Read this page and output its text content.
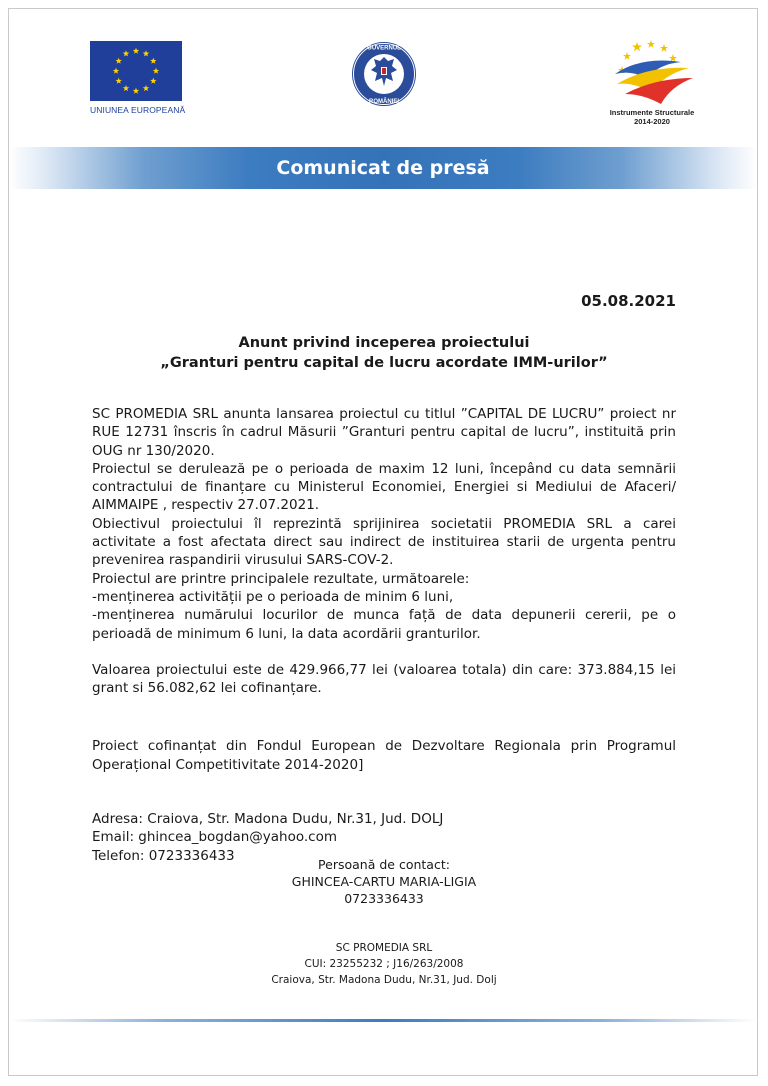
UNIUNEA EUROPEANĂ
GUVERNUL
ROMÂNIEI
Instrumente Structurale
2014-2020
Comunicat de presă
05.08.2021
Anunt privind inceperea proiectului
„Granturi pentru capital de lucru acordate IMM-urilor”

SC PROMEDIA SRL anunta lansarea proiectul cu titlul ”CAPITAL DE LUCRU” proiect nr RUE 12731 înscris în cadrul Măsurii ”Granturi pentru capital de lucru”, instituită prin OUG nr 130/2020.

Proiectul se derulează pe o perioada de maxim 12 luni, începând cu data semnării contractului de finanțare cu Ministerul Economiei, Energiei si Mediului de Afaceri/ AIMMAIPE , respectiv 27.07.2021.

Obiectivul proiectului îl reprezintă sprijinirea societatii PROMEDIA SRL a carei activitate a fost afectata direct sau indirect de instituirea starii de urgenta pentru prevenirea raspandirii virusului SARS-COV-2.

Proiectul are printre principalele rezultate, următoarele:

-menținerea activității pe o perioada de minim 6 luni,

-menținerea numărului locurilor de munca față de data depunerii cererii, pe o perioadă de minimum 6 luni, la data acordării granturilor.

Valoarea proiectului este de 429.966,77 lei (valoarea totala) din care: 373.884,15 lei grant si 56.082,62 lei cofinanțare.

Proiect cofinanțat din Fondul European de Dezvoltare Regionala prin Programul Operațional Competitivitate 2014-2020]

Adresa: Craiova, Str. Madona Dudu, Nr.31, Jud. DOLJ

Email: ghincea_bogdan@yahoo.com

Telefon: 0723336433

Persoană de contact:
GHINCEA-CARTU MARIA-LIGIA
0723336433
SC PROMEDIA SRL
CUI: 23255232 ; J16/263/2008
Craiova, Str. Madona Dudu, Nr.31, Jud. Dolj
